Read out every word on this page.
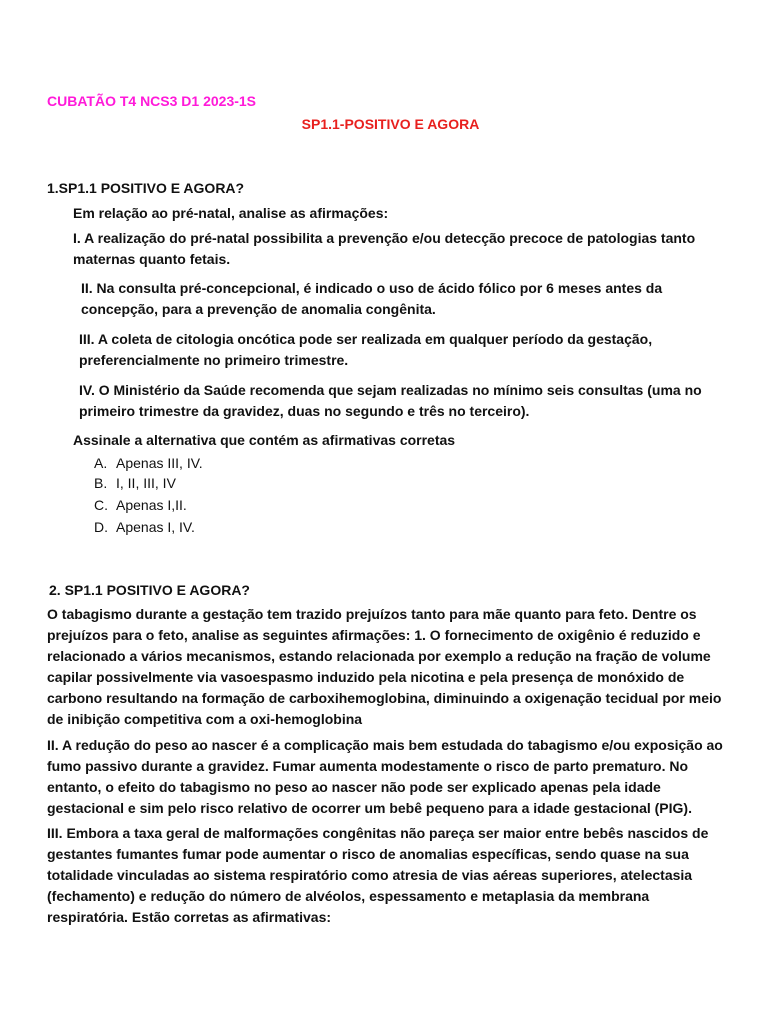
CUBATÃO T4 NCS3 D1 2023-1S
SP1.1-POSITIVO E AGORA
1.SP1.1 POSITIVO E AGORA?
Em relação ao pré-natal, analise as afirmações:
I. A realização do pré-natal possibilita a prevenção e/ou detecção precoce de patologias tanto maternas quanto fetais.
II. Na consulta pré-concepcional, é indicado o uso de ácido fólico por 6 meses antes da concepção, para a prevenção de anomalia congênita.
III. A coleta de citologia oncótica pode ser realizada em qualquer período da gestação, preferencialmente no primeiro trimestre.
IV. O Ministério da Saúde recomenda que sejam realizadas no mínimo seis consultas (uma no primeiro trimestre da gravidez, duas no segundo e três no terceiro).
Assinale a alternativa que contém as afirmativas corretas
A. Apenas III, IV.
B. I, II, III, IV
C. Apenas I,II.
D. Apenas I, IV.
2. SP1.1 POSITIVO E AGORA?
O tabagismo durante a gestação tem trazido prejuízos tanto para mãe quanto para feto. Dentre os prejuízos para o feto, analise as seguintes afirmações: 1. O fornecimento de oxigênio é reduzido e relacionado a vários mecanismos, estando relacionada por exemplo a redução na fração de volume capilar possivelmente via vasoespasmo induzido pela nicotina e pela presença de monóxido de carbono resultando na formação de carboxihemoglobina, diminuindo a oxigenação tecidual por meio de inibição competitiva com a oxi-hemoglobina
II. A redução do peso ao nascer é a complicação mais bem estudada do tabagismo e/ou exposição ao fumo passivo durante a gravidez. Fumar aumenta modestamente o risco de parto prematuro. No entanto, o efeito do tabagismo no peso ao nascer não pode ser explicado apenas pela idade gestacional e sim pelo risco relativo de ocorrer um bebê pequeno para a idade gestacional (PIG).
III. Embora a taxa geral de malformações congênitas não pareça ser maior entre bebês nascidos de gestantes fumantes fumar pode aumentar o risco de anomalias específicas, sendo quase na sua totalidade vinculadas ao sistema respiratório como atresia de vias aéreas superiores, atelectasia (fechamento) e redução do número de alvéolos, espessamento e metaplasia da membrana respiratória. Estão corretas as afirmativas:
